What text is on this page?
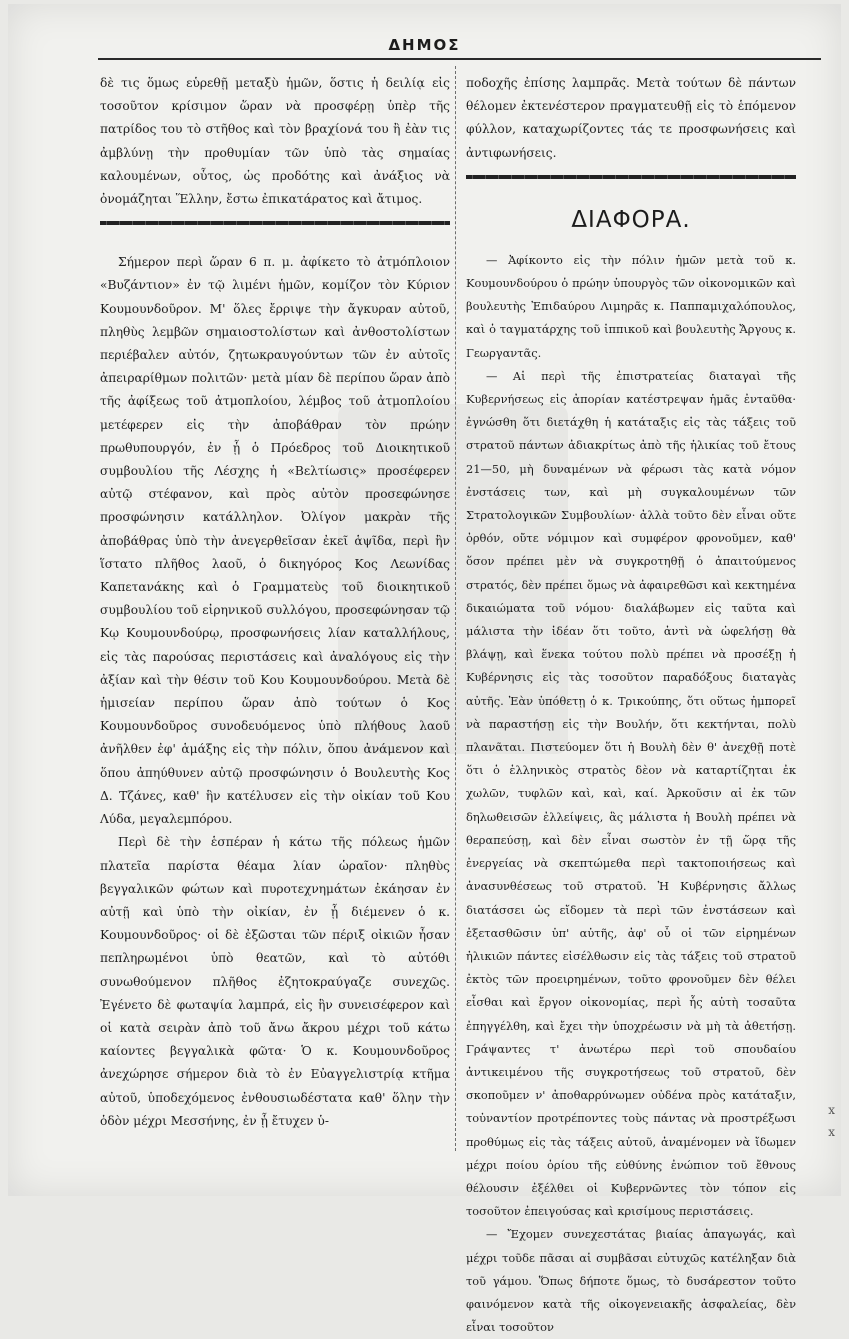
ΔΗΜΟΣ

δὲ τις ὅμως εὑρεθῇ μεταξὺ ἡμῶν, ὅστις ἡ δειλίᾳ εἰς τοσοῦτον κρίσιμον ὥραν νὰ προσφέρῃ ὑπὲρ τῆς πατρίδος του τὸ στῆθος καὶ τὸν βραχίονά του ἢ ἐὰν τις ἀμβλύνῃ τὴν προθυμίαν τῶν ὑπὸ τὰς σημαίας καλουμένων, οὗτος, ὡς προδότης καὶ ἀνάξιος νὰ ὀνομάζηται Ἕλλην, ἔστω ἐπικατάρατος καὶ ἄτιμος.

Σήμερον περὶ ὥραν 6 π. μ. ἀφίκετο τὸ ἀτμόπλοιον «Βυζάντιον» ἐν τῷ λιμένι ἡμῶν, κομίζον τὸν Κύριον Κουμουνδοῦρον. Μ' ὅλες ἔρριψε τὴν ἄγκυραν αὐτοῦ, πληθὺς λεμβῶν σημαιοστολίστων καὶ ἀνθοστολίστων περιέβαλεν αὐτόν, ζητωκραυγούντων τῶν ἐν αὐτοῖς ἀπειραρίθμων πολιτῶν· μετὰ μίαν δὲ περίπου ὥραν ἀπὸ τῆς ἀφίξεως τοῦ ἀτμοπλοίου, λέμβος τοῦ ἀτμοπλοίου μετέφερεν εἰς τὴν ἀποβάθραν τὸν πρώην πρωθυπουργόν, ἐν ᾗ ὁ Πρόεδρος τοῦ Διοικητικοῦ συμβουλίου τῆς Λέσχης ἡ «Βελτίωσις» προσέφερεν αὐτῷ στέφανον, καὶ πρὸς αὐτὸν προσεφώνησε προσφώνησιν κατάλληλον. Ὀλίγον μακρὰν τῆς ἀποβάθρας ὑπὸ τὴν ἀνεγερθεῖσαν ἐκεῖ ἁψῖδα, περὶ ἣν ἵστατο πλῆθος λαοῦ, ὁ δικηγόρος Κος Λεωνίδας Καπετανάκης καὶ ὁ Γραμματεὺς τοῦ διοικητικοῦ συμβουλίου τοῦ εἰρηνικοῦ συλλόγου, προσεφώνησαν τῷ Κῳ Κουμουνδούρῳ, προσφωνήσεις λίαν καταλλήλους, εἰς τὰς παρούσας περιστάσεις καὶ ἀναλόγους εἰς τὴν ἀξίαν καὶ τὴν θέσιν τοῦ Κου Κουμουνδούρου. Μετὰ δὲ ἡμισείαν περίπου ὥραν ἀπὸ τούτων ὁ Κος Κουμουνδοῦρος συνοδευόμενος ὑπὸ πλήθους λαοῦ ἀνῆλθεν ἐφ' ἁμάξης εἰς τὴν πόλιν, ὅπου ἀνάμενον καὶ ὅπου ἀπηύθυνεν αὐτῷ προσφώνησιν ὁ Βουλευτὴς Κος Δ. Τζάνες, καθ' ἣν κατέλυσεν εἰς τὴν οἰκίαν τοῦ Κου Λύδα, μεγαλεμπόρου.

Περὶ δὲ τὴν ἑσπέραν ἡ κάτω τῆς πόλεως ἡμῶν πλατεῖα παρίστα θέαμα λίαν ὡραῖον· πληθὺς βεγγαλικῶν φώτων καὶ πυροτεχνημάτων ἐκάησαν ἐν αὐτῇ καὶ ὑπὸ τὴν οἰκίαν, ἐν ᾗ διέμενεν ὁ κ. Κουμουνδοῦρος· οἱ δὲ ἐξῶσται τῶν πέριξ οἰκιῶν ἦσαν πεπληρωμένοι ὑπὸ θεατῶν, καὶ τὸ αὐτόθι συνωθούμενον πλῆθος ἐζητοκραύγαζε συνεχῶς. Ἐγένετο δὲ φωταψία λαμπρά, εἰς ἣν συνεισέφερον καὶ οἱ κατὰ σειρὰν ἀπὸ τοῦ ἄνω ἄκρου μέχρι τοῦ κάτω καίοντες βεγγαλικὰ φῶτα· Ὁ κ. Κουμουνδοῦρος ἀνεχώρησε σήμερον διὰ τὸ ἐν Εὐαγγελιστρίᾳ κτῆμα αὐτοῦ, ὑποδεχόμενος ἐνθουσιωδέστατα καθ' ὅλην τὴν ὁδὸν μέχρι Μεσσήνης, ἐν ᾗ ἔτυχεν ὑ-

ποδοχῆς ἐπίσης λαμπρᾶς. Μετὰ τούτων δὲ πάντων θέλομεν ἐκτενέστερον πραγματευθῇ εἰς τὸ ἑπόμενον φύλλον, καταχωρίζοντες τάς τε προσφωνήσεις καὶ ἀντιφωνήσεις.

ΔΙΑΦΟΡΑ.

— Ἀφίκοντο εἰς τὴν πόλιν ἡμῶν μετὰ τοῦ κ. Κουμουνδούρου ὁ πρώην ὑπουργὸς τῶν οἰκονομικῶν καὶ βουλευτὴς Ἐπιδαύρου Λιμηρᾶς κ. Παππαμιχαλόπουλος, καὶ ὁ ταγματάρχης τοῦ ἱππικοῦ καὶ βουλευτὴς Ἄργους κ. Γεωργαντᾶς.

— Αἱ περὶ τῆς ἐπιστρατείας διαταγαὶ τῆς Κυβερνήσεως εἰς ἀπορίαν κατέστρεψαν ἡμᾶς ἐνταῦθα· ἐγνώσθη ὅτι διετάχθη ἡ κατάταξις εἰς τὰς τάξεις τοῦ στρατοῦ πάντων ἀδιακρίτως ἀπὸ τῆς ἡλικίας τοῦ ἔτους 21—50, μὴ δυναμένων νὰ φέρωσι τὰς κατὰ νόμον ἐνστάσεις των, καὶ μὴ συγκαλουμένων τῶν Στρατολογικῶν Συμβουλίων· ἀλλὰ τοῦτο δὲν εἶναι οὔτε ὀρθόν, οὔτε νόμιμον καὶ συμφέρον φρονοῦμεν, καθ' ὅσον πρέπει μὲν νὰ συγκροτηθῇ ὁ ἀπαιτούμενος στρατός, δὲν πρέπει ὅμως νὰ ἀφαιρεθῶσι καὶ κεκτημένα δικαιώματα τοῦ νόμου· διαλάβωμεν εἰς ταῦτα καὶ μάλιστα τὴν ἰδέαν ὅτι τοῦτο, ἀντὶ νὰ ὠφελήσῃ θὰ βλάψῃ, καὶ ἕνεκα τούτου πολὺ πρέπει νὰ προσέξῃ ἡ Κυβέρνησις εἰς τὰς τοσοῦτον παραδόξους διαταγὰς αὐτῆς. Ἐὰν ὑπόθετῃ ὁ κ. Τρικούπης, ὅτι οὕτως ἠμπορεῖ νὰ παραστήσῃ εἰς τὴν Βουλήν, ὅτι κεκτήνται, πολὺ πλανᾶται. Πιστεύομεν ὅτι ἡ Βουλὴ δὲν θ' ἀνεχθῇ ποτὲ ὅτι ὁ ἑλληνικὸς στρατὸς δὲον νὰ καταρτίζηται ἐκ χωλῶν, τυφλῶν καὶ, καὶ, καί. Ἀρκοῦσιν αἱ ἐκ τῶν δηλωθεισῶν ἐλλείψεις, ἃς μάλιστα ἡ Βουλὴ πρέπει νὰ θεραπεύσῃ, καὶ δὲν εἶναι σωστὸν ἐν τῇ ὥρᾳ τῆς ἐνεργείας νὰ σκεπτώμεθα περὶ τακτοποιήσεως καὶ ἀνασυνθέσεως τοῦ στρατοῦ. Ἡ Κυβέρνησις ἄλλως διατάσσει ὡς εἴδομεν τὰ περὶ τῶν ἐνστάσεων καὶ ἐξετασθῶσιν ὑπ' αὐτῆς, ἀφ' οὗ οἱ τῶν εἰρημένων ἡλικιῶν πάντες εἰσέλθωσιν εἰς τὰς τάξεις τοῦ στρατοῦ ἐκτὸς τῶν προειρημένων, τοῦτο φρονοῦμεν δὲν θέλει εἶσθαι καὶ ἔργον οἰκονομίας, περὶ ἧς αὐτὴ τοσαῦτα ἐπηγγέλθη, καὶ ἔχει τὴν ὑποχρέωσιν νὰ μὴ τὰ ἀθετήσῃ. Γράψαντες τ' ἀνωτέρω περὶ τοῦ σπουδαίου ἀντικειμένου τῆς συγκροτήσεως τοῦ στρατοῦ, δὲν σκοποῦμεν ν' ἀποθαρρύνωμεν οὐδένα πρὸς κατάταξιν, τοὐναντίον προτρέποντες τοὺς πάντας νὰ προστρέξωσι προθύμως εἰς τὰς τάξεις αὐτοῦ, ἀναμένομεν νὰ ἴδωμεν μέχρι ποίου ὁρίου τῆς εὐθύνης ἐνώπιον τοῦ ἔθνους θέλουσιν ἐξέλθει οἱ Κυβερνῶντες τὸν τόπον εἰς τοσοῦτον ἐπειγούσας καὶ κρισίμους περιστάσεις.

— Ἔχομεν συνεχεστάτας βιαίας ἀπαγωγάς, καὶ μέχρι τοῦδε πᾶσαι αἱ συμβᾶσαι εὐτυχῶς κατέληξαν διὰ τοῦ γάμου. Ὅπως δήποτε ὅμως, τὸ δυσάρεστον τοῦτο φαινόμενον κατὰ τῆς οἰκογενειακῆς ἀσφαλείας, δὲν εἶναι τοσοῦτον

x
x
